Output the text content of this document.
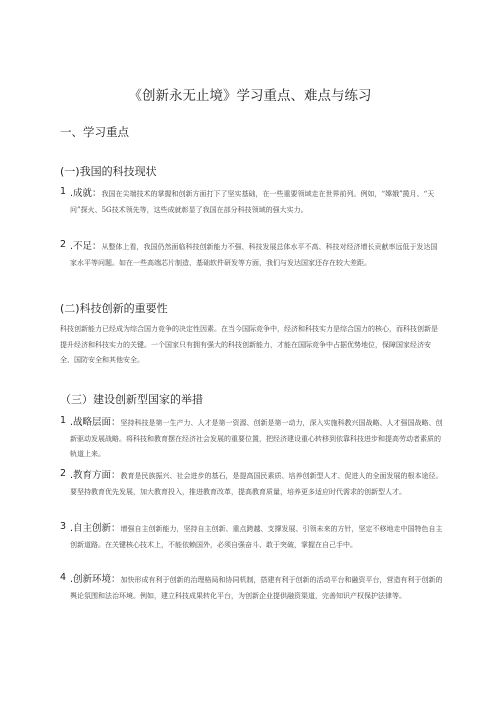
《创新永无止境》学习重点、难点与练习
一、学习重点
(一)我国的科技现状
1 .成就：我国在尖端技术的掌握和创新方面打下了坚实基础，在一些重要领域走在世界前列。例如，“嫦娥”揽月、“天问”探火、5G技术领先等，这些成就彰显了我国在部分科技领域的强大实力。
2 .不足：从整体上看，我国仍然面临科技创新能力不强、科技发展总体水平不高、科技对经济增长贡献率远低于发达国家水平等问题。如在一些高端芯片制造、基础软件研发等方面，我们与发达国家还存在较大差距。
(二)科技创新的重要性
科技创新能力已经成为综合国力竞争的决定性因素。在当今国际竞争中，经济和科技实力是综合国力的核心，而科技创新是提升经济和科技实力的关键。一个国家只有拥有强大的科技创新能力，才能在国际竞争中占据优势地位，保障国家经济安全、国防安全和其他安全。
（三）建设创新型国家的举措
1 .战略层面：坚持科技是第一生产力、人才是第一资源、创新是第一动力，深入实施科教兴国战略、人才强国战略、创新驱动发展战略。将科技和教育摆在经济社会发展的重要位置，把经济建设重心转移到依靠科技进步和提高劳动者素质的轨道上来。
2 .教育方面：教育是民族振兴、社会进步的基石，是提高国民素质、培养创新型人才、促进人的全面发展的根本途径。要坚持教育优先发展，加大教育投入，推进教育改革，提高教育质量，培养更多适应时代需求的创新型人才。
3 .自主创新：增强自主创新能力，坚持自主创新、重点跨越、支撑发展、引领未来的方针，坚定不移地走中国特色自主创新道路。在关键核心技术上，不能依赖国外，必须自强奋斗、敢于突破，掌握在自己手中。
4 .创新环境：加快形成有利于创新的治理格局和协同机制，搭建有利于创新的活动平台和融资平台，营造有利于创新的舆论氛围和法治环境。例如，建立科技成果转化平台，为创新企业提供融资渠道，完善知识产权保护法律等。
